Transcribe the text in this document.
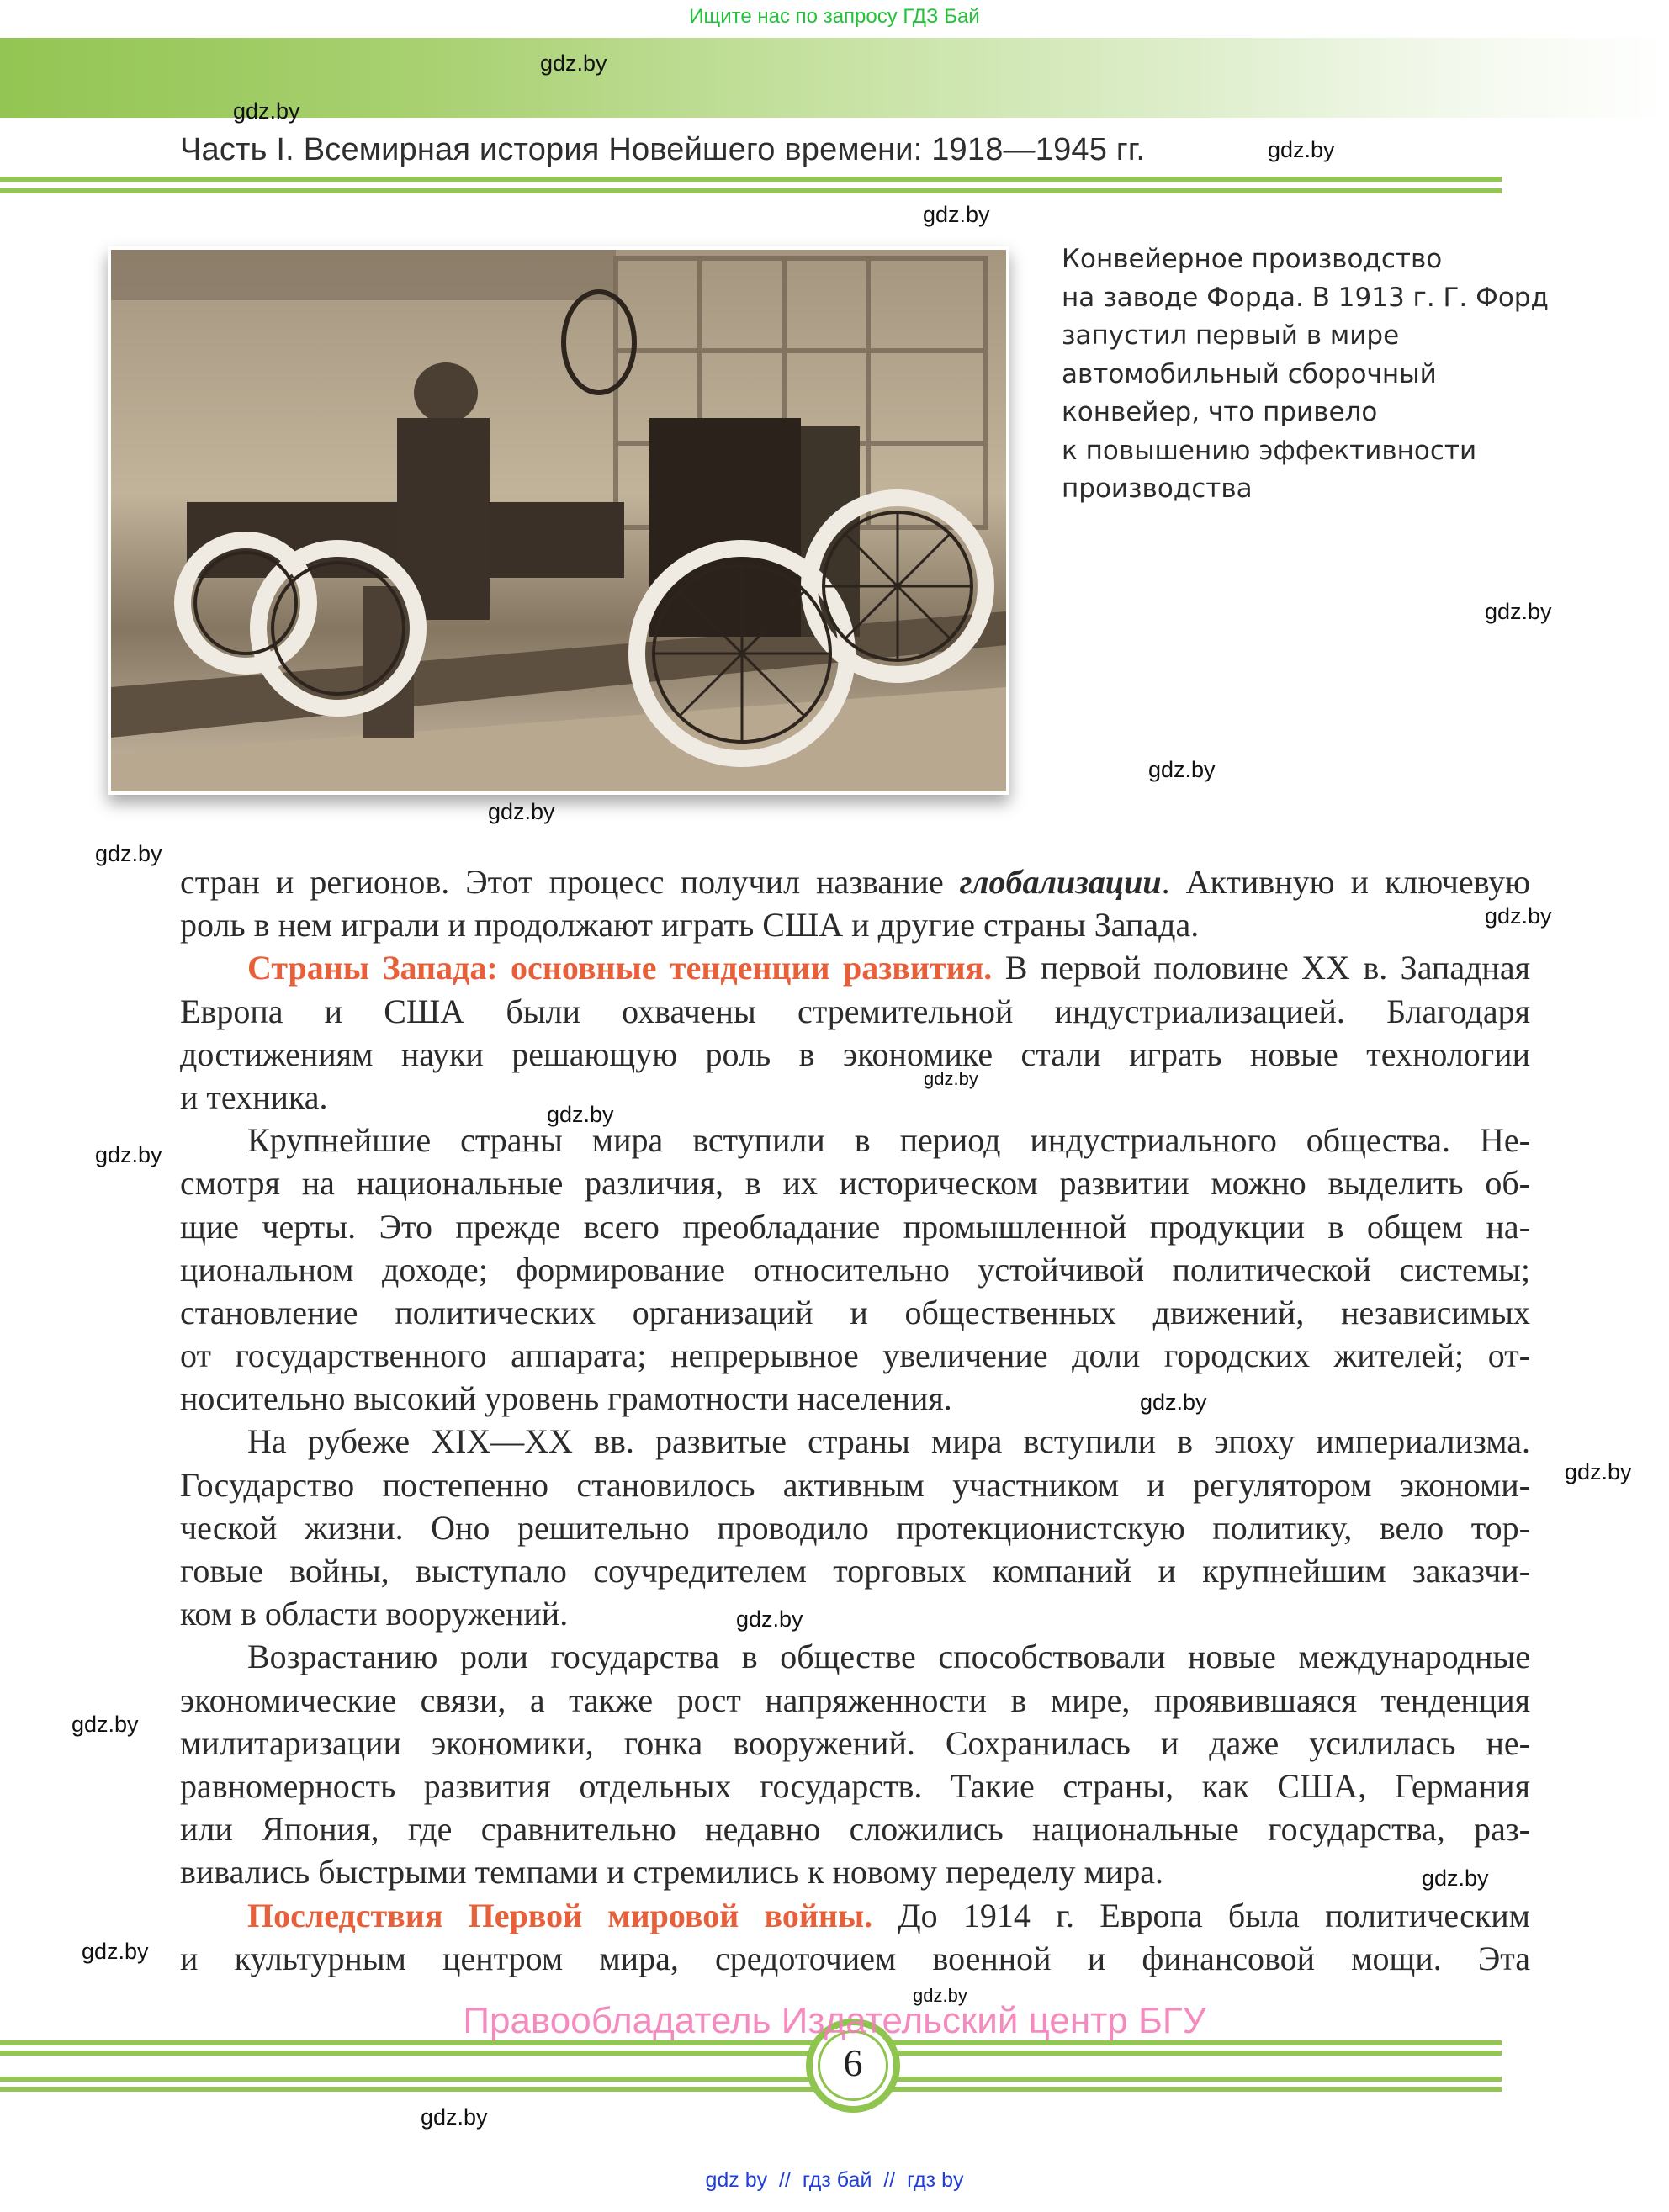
Ищите нас по запросу ГДЗ Бай
Часть I. Всемирная история Новейшего времени: 1918—1945 гг.
Конвейерное производство
на заводе Форда. В 1913 г. Г. Форд
запустил первый в мире
автомобильный сборочный
конвейер, что привело
к повышению эффективности
производства
стран и регионов. Этот процесс получил название глобализации. Активную и ключевую
роль в нем играли и продолжают играть США и другие страны Запада.
Страны Запада: основные тенденции развития. В первой половине XX в. Западная
Европа и США были охвачены стремительной индустриализацией. Благодаря
достижениям науки решающую роль в экономике стали играть новые технологии
и техника.
Крупнейшие страны мира вступили в период индустриального общества. Не-
смотря на национальные различия, в их историческом развитии можно выделить об-
щие черты. Это прежде всего преобладание промышленной продукции в общем на-
циональном доходе; формирование относительно устойчивой политической системы;
становление политических организаций и общественных движений, независимых
от государственного аппарата; непрерывное увеличение доли городских жителей; от-
носительно высокий уровень грамотности населения.
На рубеже XIX—XX вв. развитые страны мира вступили в эпоху империализма.
Государство постепенно становилось активным участником и регулятором экономи-
ческой жизни. Оно решительно проводило протекционистскую политику, вело тор-
говые войны, выступало соучредителем торговых компаний и крупнейшим заказчи-
ком в области вооружений.
Возрастанию роли государства в обществе способствовали новые международные
экономические связи, а также рост напряженности в мире, проявившаяся тенденция
милитаризации экономики, гонка вооружений. Сохранилась и даже усилилась не-
равномерность развития отдельных государств. Такие страны, как США, Германия
или Япония, где сравнительно недавно сложились национальные государства, раз-
вивались быстрыми темпами и стремились к новому переделу мира.
Последствия Первой мировой войны. До 1914 г. Европа была политическим
и культурным центром мира, средоточием военной и финансовой мощи. Эта
6
Правообладатель Издательский центр БГУ
gdz by  //  гдз бай  //  гдз by
gdz.by
gdz.by
gdz.by
gdz.by
gdz.by
gdz.by
gdz.by
gdz.by
gdz.by
gdz.by
gdz.by
gdz.by
gdz.by
gdz.by
gdz.by
gdz.by
gdz.by
gdz.by
gdz.by
gdz.by
